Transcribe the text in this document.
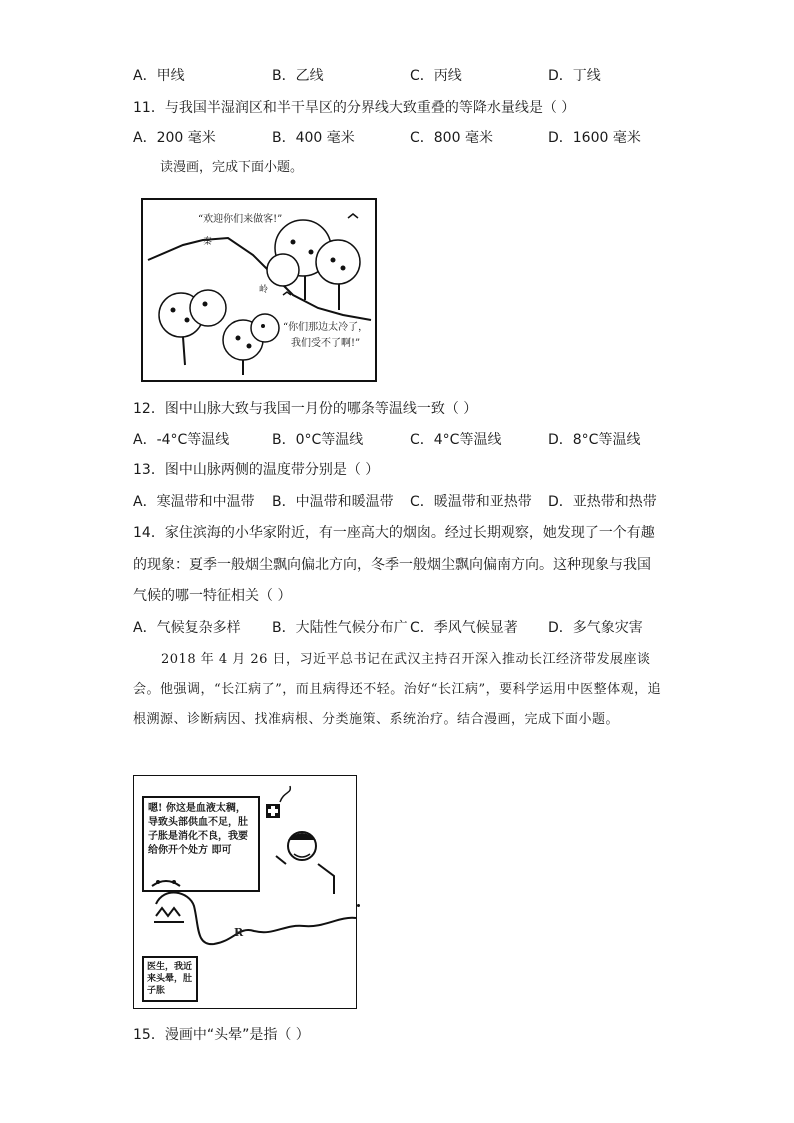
A．甲线	B．乙线	C．丙线	D．丁线
11．与我国半湿润区和半干旱区的分界线大致重叠的等降水量线是（ ）
A．200 毫米	B．400 毫米	C．800 毫米	D．1600 毫米
读漫画，完成下面小题。
“欢迎你们来做客!”
秦
岭
“你们那边太冷了，
我们受不了啊!”
12．图中山脉大致与我国一月份的哪条等温线一致（ ）
A．-4°C等温线	B．0°C等温线	C．4°C等温线	D．8°C等温线
13．图中山脉两侧的温度带分别是（ ）
A．寒温带和中温带 B．中温带和暖温带 C．暖温带和亚热带 D．亚热带和热带
14．家住滨海的小华家附近，有一座高大的烟囱。经过长期观察，她发现了一个有趣
的现象：夏季一般烟尘飘向偏北方向，冬季一般烟尘飘向偏南方向。这种现象与我国
气候的哪一特征相关（ ）
A．气候复杂多样 B．大陆性气候分布广 C．季风气候显著 D．多气象灾害

2018 年 4 月 26 日，习近平总书记在武汉主持召开深入推动长江经济带发展座谈会。他强调，“长江病了”，而且病得还不轻。治好“长江病”，要科学运用中医整体观，追根溯源、诊断病因、找准病根、分类施策、系统治疗。结合漫画，完成下面小题。

嗯! 你这是血液太稠，导致头部供血不足，肚子胀是消化不良，我要给你开个处方 即可
R
医生，我近来头晕，肚子胀
15．漫画中“头晕”是指（ ）
